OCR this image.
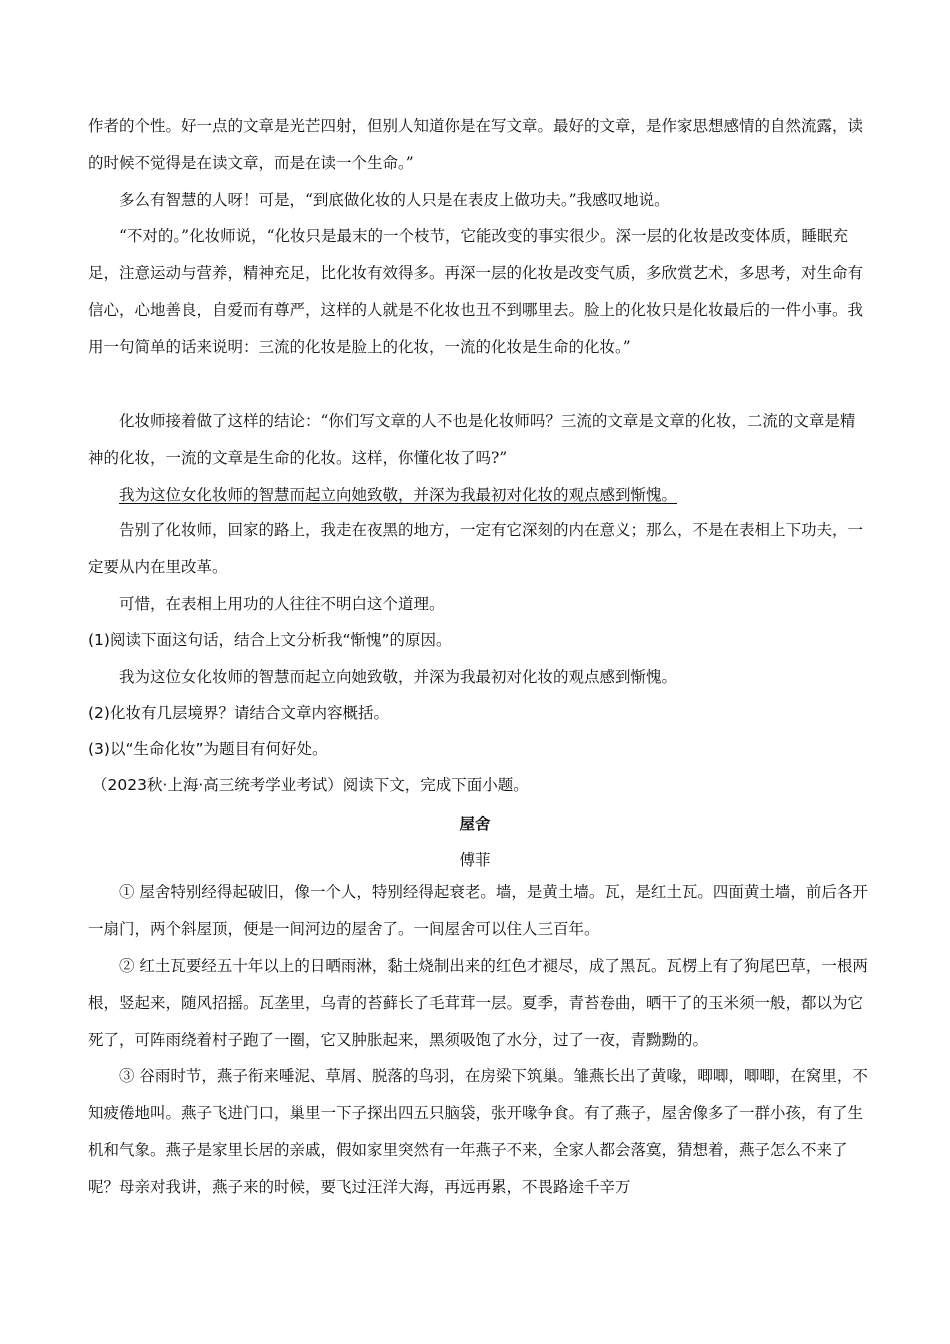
作者的个性。好一点的文章是光芒四射，但别人知道你是在写文章。最好的文章，是作家思想感情的自然流露，读的时候不觉得是在读文章，而是在读一个生命。”

多么有智慧的人呀！可是，“到底做化妆的人只是在表皮上做功夫。”我感叹地说。

“不对的。”化妆师说，“化妆只是最末的一个枝节，它能改变的事实很少。深一层的化妆是改变体质，睡眠充足，注意运动与营养，精神充足，比化妆有效得多。再深一层的化妆是改变气质，多欣赏艺术，多思考，对生命有信心，心地善良，自爱而有尊严，这样的人就是不化妆也丑不到哪里去。脸上的化妆只是化妆最后的一件小事。我用一句简单的话来说明：三流的化妆是脸上的化妆，一流的化妆是生命的化妆。”

化妆师接着做了这样的结论：“你们写文章的人不也是化妆师吗？三流的文章是文章的化妆，二流的文章是精神的化妆，一流的文章是生命的化妆。这样，你懂化妆了吗?”

我为这位女化妆师的智慧而起立向她致敬，并深为我最初对化妆的观点感到惭愧。

告别了化妆师，回家的路上，我走在夜黑的地方，一定有它深刻的内在意义；那么，不是在表相上下功夫，一定要从内在里改革。

可惜，在表相上用功的人往往不明白这个道理。

(1)阅读下面这句话，结合上文分析我“惭愧”的原因。

我为这位女化妆师的智慧而起立向她致敬，并深为我最初对化妆的观点感到惭愧。

(2)化妆有几层境界？请结合文章内容概括。

(3)以“生命化妆”为题目有何好处。

（2023秋·上海·高三统考学业考试）阅读下文，完成下面小题。

屋舍
傅菲

① 屋舍特别经得起破旧，像一个人，特别经得起衰老。墙，是黄土墙。瓦，是红土瓦。四面黄土墙，前后各开一扇门，两个斜屋顶，便是一间河边的屋舍了。一间屋舍可以住人三百年。

② 红土瓦要经五十年以上的日晒雨淋，黏土烧制出来的红色才褪尽，成了黑瓦。瓦楞上有了狗尾巴草，一根两根，竖起来，随风招摇。瓦垄里，乌青的苔藓长了毛茸茸一层。夏季，青苔卷曲，晒干了的玉米须一般，都以为它死了，可阵雨绕着村子跑了一圈，它又肿胀起来，黑须吸饱了水分，过了一夜，青黝黝的。

③ 谷雨时节，燕子衔来唾泥、草屑、脱落的鸟羽，在房梁下筑巢。雏燕长出了黄喙，唧唧，唧唧，在窝里，不知疲倦地叫。燕子飞进门口，巢里一下子探出四五只脑袋，张开喙争食。有了燕子，屋舍像多了一群小孩，有了生机和气象。燕子是家里长居的亲戚，假如家里突然有一年燕子不来，全家人都会落寞，猜想着，燕子怎么不来了呢？母亲对我讲，燕子来的时候，要飞过汪洋大海，再远再累，不畏路途千辛万
